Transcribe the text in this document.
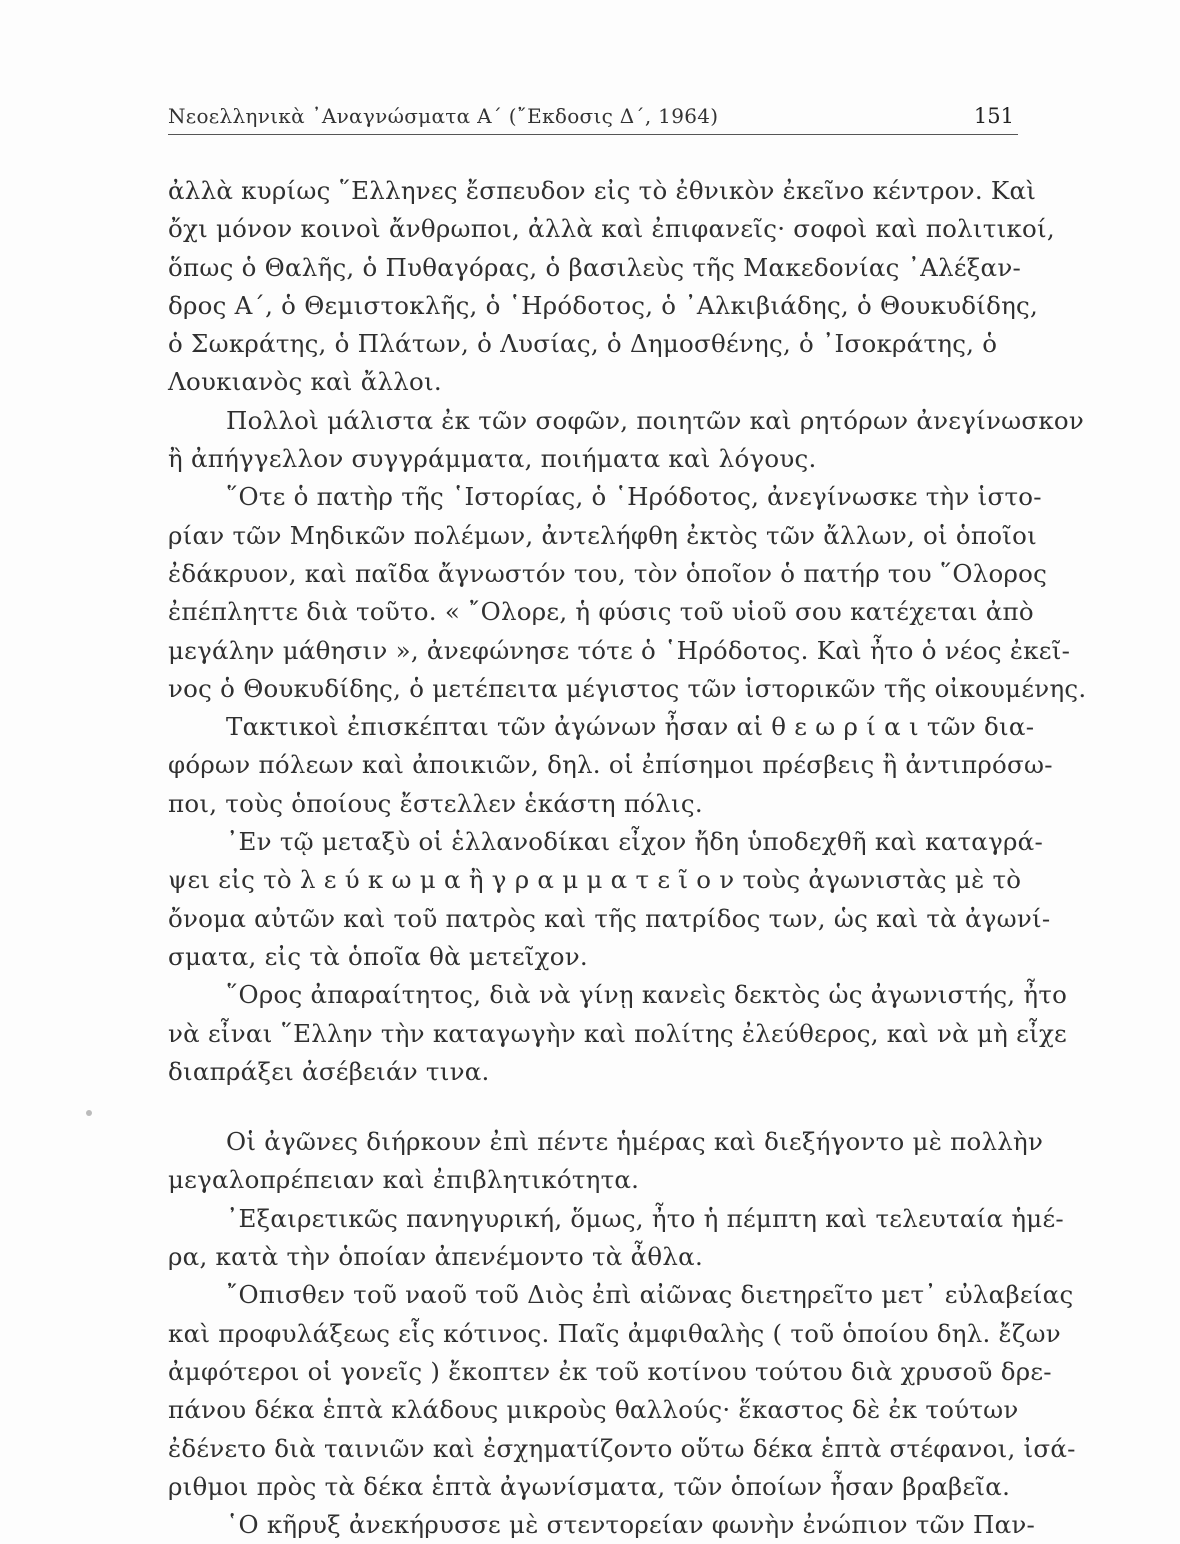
Νεοελληνικὰ ᾿Αναγνώσματα Α΄ (῎Εκδοσις Δ΄, 1964)	151
ἀλλὰ κυρίως ῞Ελληνες ἔσπευδον εἰς τὸ ἐθνικὸν ἐκεῖνο κέντρον. Καὶ
ὄχι μόνον κοινοὶ ἄνθρωποι, ἀλλὰ καὶ ἐπιφανεῖς· σοφοὶ καὶ πολιτικοί,
ὅπως ὁ Θαλῆς, ὁ Πυθαγόρας, ὁ βασιλεὺς τῆς Μακεδονίας ᾿Αλέξαν-
δρος Α΄, ὁ Θεμιστοκλῆς, ὁ ῾Ηρόδοτος, ὁ ᾿Αλκιβιάδης, ὁ Θουκυδίδης,
ὁ Σωκράτης, ὁ Πλάτων, ὁ Λυσίας, ὁ Δημοσθένης, ὁ ᾿Ισοκράτης, ὁ
Λουκιανὸς καὶ ἄλλοι.
Πολλοὶ μάλιστα ἐκ τῶν σοφῶν, ποιητῶν καὶ ρητόρων ἀνεγίνωσκον
ἢ ἀπήγγελλον συγγράμματα, ποιήματα καὶ λόγους.
῞Οτε ὁ πατὴρ τῆς ῾Ιστορίας, ὁ ῾Ηρόδοτος, ἀνεγίνωσκε τὴν ἱστο-
ρίαν τῶν Μηδικῶν πολέμων, ἀντελήφθη ἐκτὸς τῶν ἄλλων, οἱ ὁποῖοι
ἐδάκρυον, καὶ παῖδα ἄγνωστόν του, τὸν ὁποῖον ὁ πατήρ του ῞Ολορος
ἐπέπληττε διὰ τοῦτο. « ῎Ολορε, ἡ φύσις τοῦ υἱοῦ σου κατέχεται ἀπὸ
μεγάλην μάθησιν », ἀνεφώνησε τότε ὁ ῾Ηρόδοτος. Καὶ ἦτο ὁ νέος ἐκεῖ-
νος ὁ Θουκυδίδης, ὁ μετέπειτα μέγιστος τῶν ἱστορικῶν τῆς οἰκουμένης.
Τακτικοὶ ἐπισκέπται τῶν ἀγώνων ἦσαν αἱ θ ε ω ρ ί α ι τῶν δια-
φόρων πόλεων καὶ ἀποικιῶν, δηλ. οἱ ἐπίσημοι πρέσβεις ἢ ἀντιπρόσω-
ποι, τοὺς ὁποίους ἔστελλεν ἑκάστη πόλις.
᾿Εν τῷ μεταξὺ οἱ ἑλλανοδίκαι εἶχον ἤδη ὑποδεχθῆ καὶ καταγρά-
ψει εἰς τὸ λ ε ύ κ ω μ α ἢ γ ρ α μ μ α τ ε ῖ ο ν τοὺς ἀγωνιστὰς μὲ τὸ
ὄνομα αὐτῶν καὶ τοῦ πατρὸς καὶ τῆς πατρίδος των, ὡς καὶ τὰ ἀγωνί-
σματα, εἰς τὰ ὁποῖα θὰ μετεῖχον.
῞Ορος ἀπαραίτητος, διὰ νὰ γίνῃ κανεὶς δεκτὸς ὡς ἀγωνιστής, ἦτο
νὰ εἶναι ῞Ελλην τὴν καταγωγὴν καὶ πολίτης ἐλεύθερος, καὶ νὰ μὴ εἶχε
διαπράξει ἀσέβειάν τινα.
Οἱ ἀγῶνες διήρκουν ἐπὶ πέντε ἡμέρας καὶ διεξήγοντο μὲ πολλὴν
μεγαλοπρέπειαν καὶ ἐπιβλητικότητα.
᾿Εξαιρετικῶς πανηγυρική, ὅμως, ἦτο ἡ πέμπτη καὶ τελευταία ἡμέ-
ρα, κατὰ τὴν ὁποίαν ἀπενέμοντο τὰ ἆθλα.
῎Οπισθεν τοῦ ναοῦ τοῦ Διὸς ἐπὶ αἰῶνας διετηρεῖτο μετ᾿ εὐλαβείας
καὶ προφυλάξεως εἷς κότινος. Παῖς ἀμφιθαλὴς ( τοῦ ὁποίου δηλ. ἔζων
ἀμφότεροι οἱ γονεῖς ) ἔκοπτεν ἐκ τοῦ κοτίνου τούτου διὰ χρυσοῦ δρε-
πάνου δέκα ἑπτὰ κλάδους μικροὺς θαλλούς· ἕκαστος δὲ ἐκ τούτων
ἐδένετο διὰ ταινιῶν καὶ ἐσχηματίζοντο οὕτω δέκα ἑπτὰ στέφανοι, ἰσά-
ριθμοι πρὸς τὰ δέκα ἑπτὰ ἀγωνίσματα, τῶν ὁποίων ἦσαν βραβεῖα.
῾Ο κῆρυξ ἀνεκήρυσσε μὲ στεντορείαν φωνὴν ἐνώπιον τῶν Παν-
